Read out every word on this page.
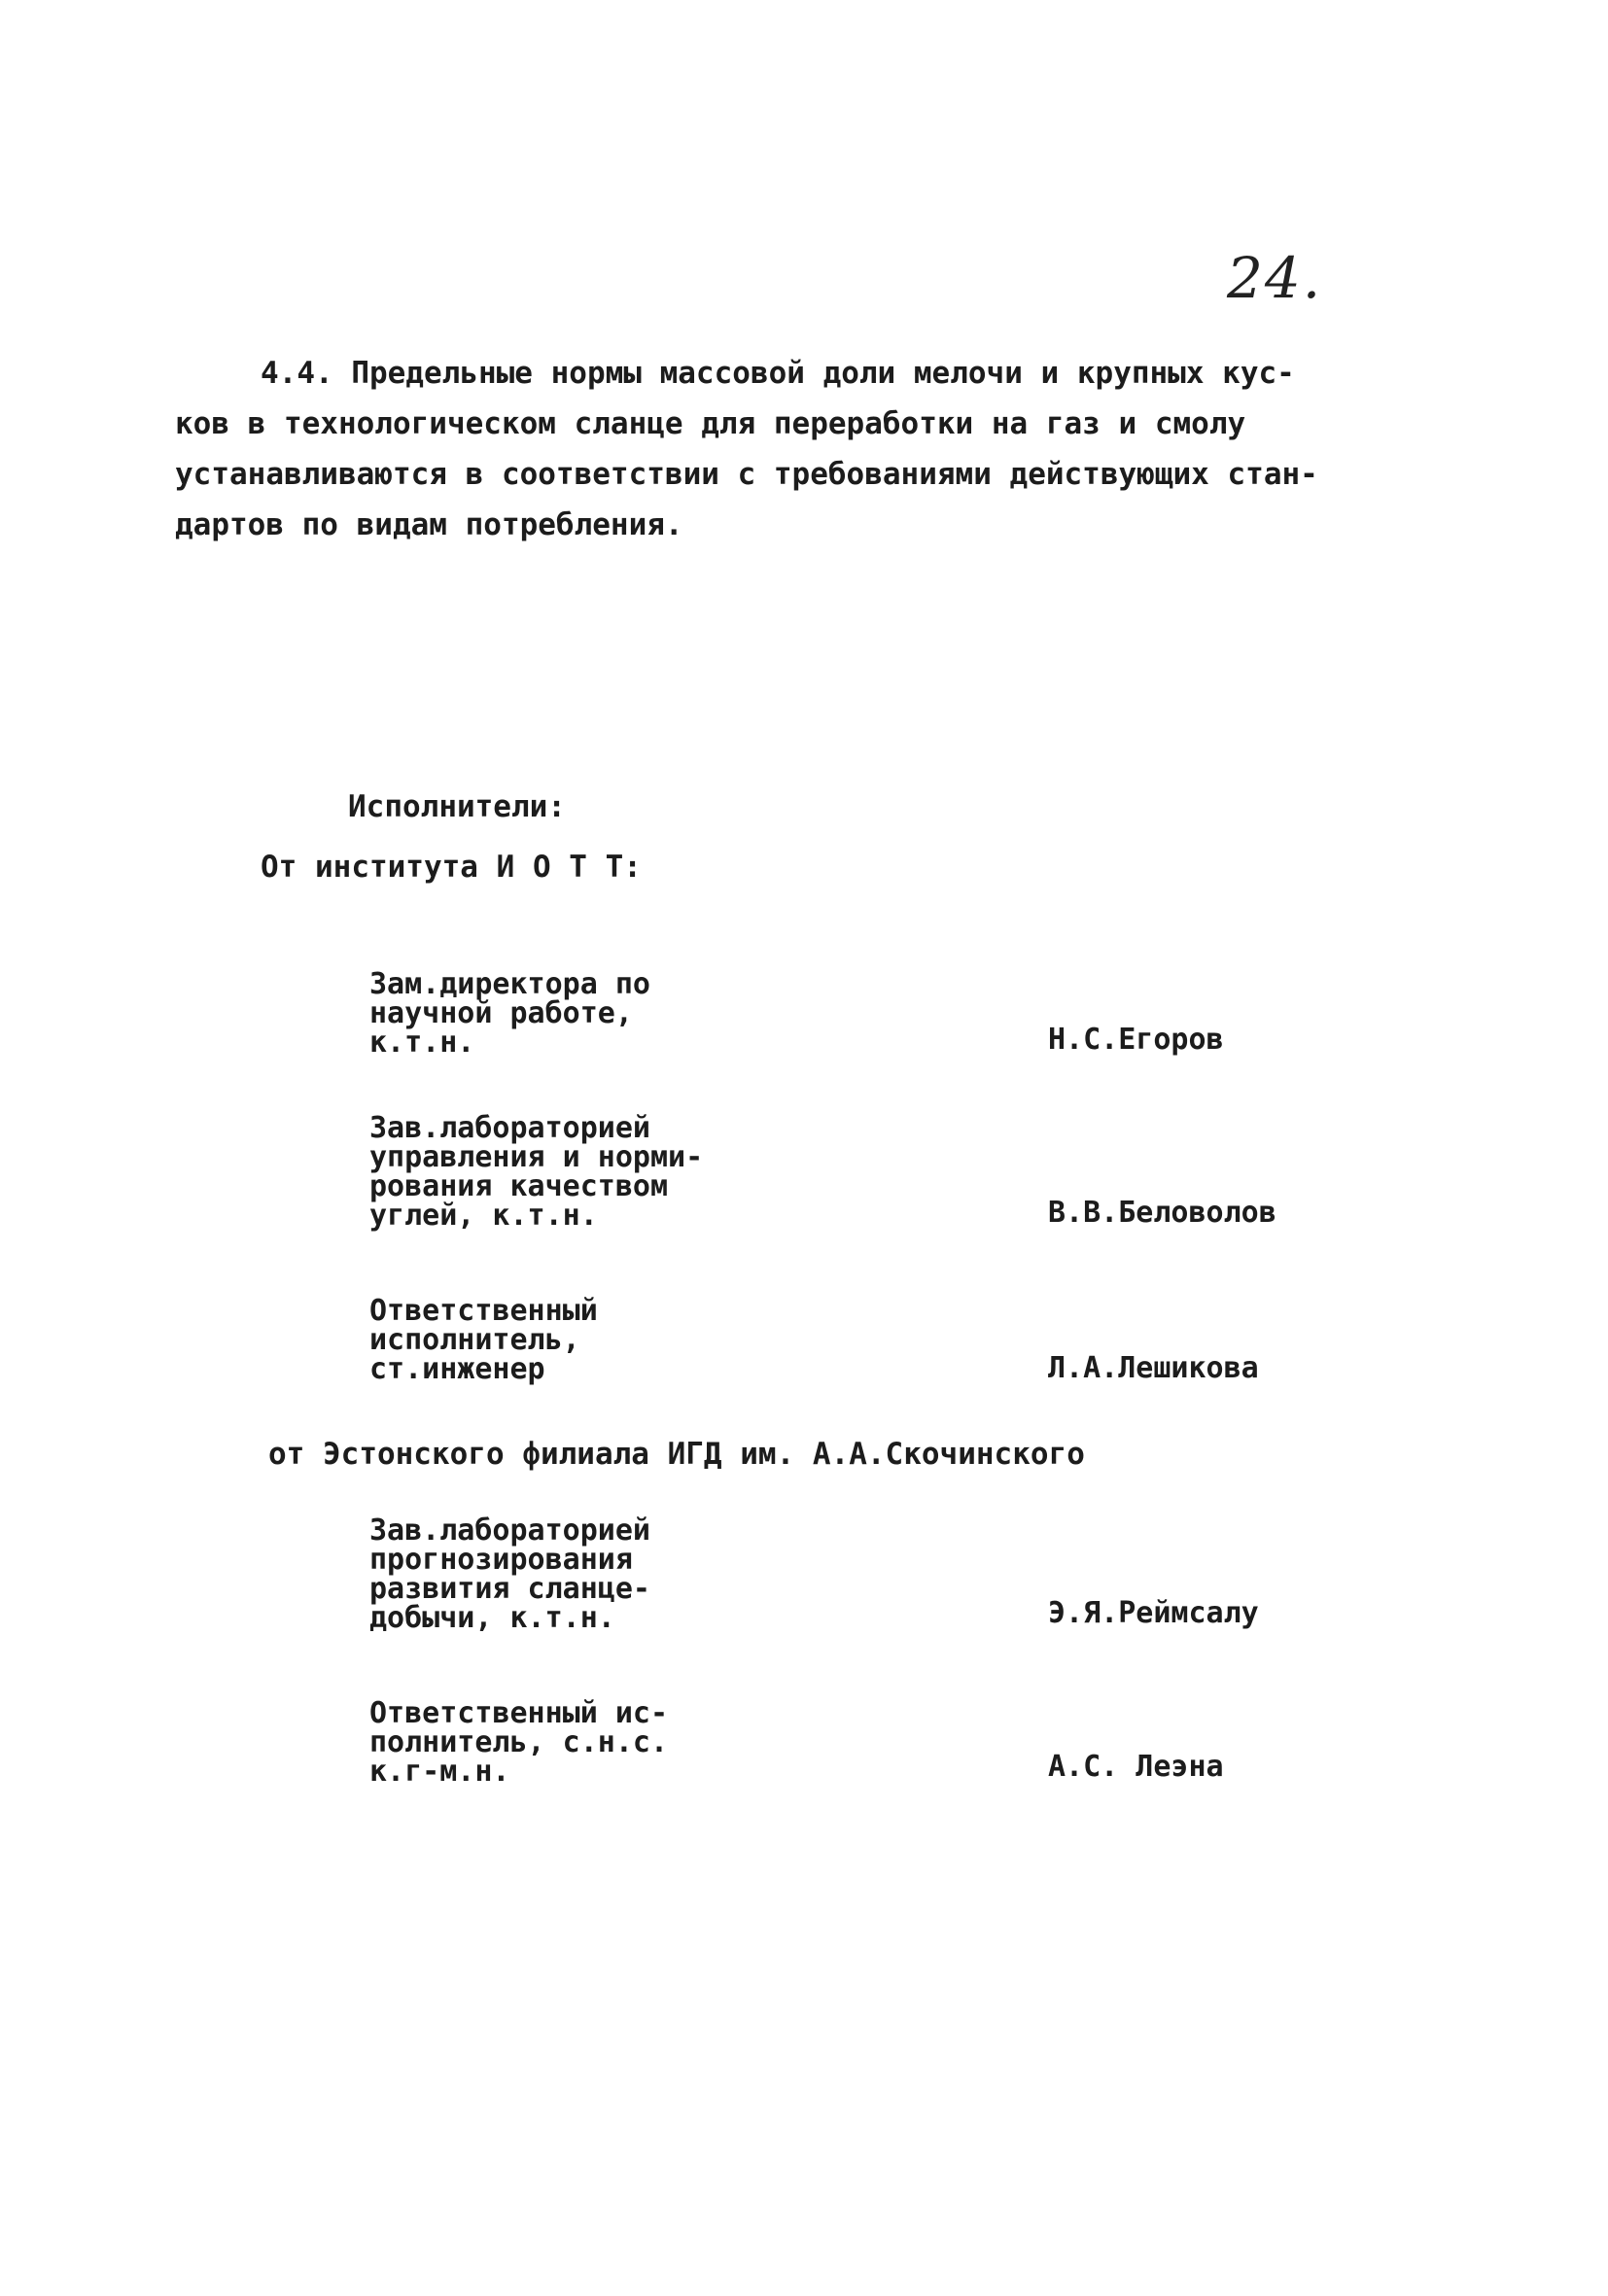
24.
4.4. Предельные нормы массовой доли мелочи и крупных кус-
ков в технологическом сланце для переработки на газ и смолу
устанавливаются в соответствии с требованиями действующих стан-
дартов по видам потребления.
Исполнители:
От института И О Т Т:
Зам.директора по
научной работе,
к.т.н.	Н.С.Егоров
Зав.лабораторией
управления и норми-
рования качеством
углей, к.т.н.	В.В.Беловолов
Ответственный
исполнитель,
ст.инженер	Л.А.Лешикова
от Эстонского филиала ИГД им. А.А.Скочинского
Зав.лабораторией
прогнозирования
развития сланце-
добычи, к.т.н.	Э.Я.Реймсалу
Ответственный ис-
полнитель, с.н.с.
к.г-м.н.	А.С. Леэна
